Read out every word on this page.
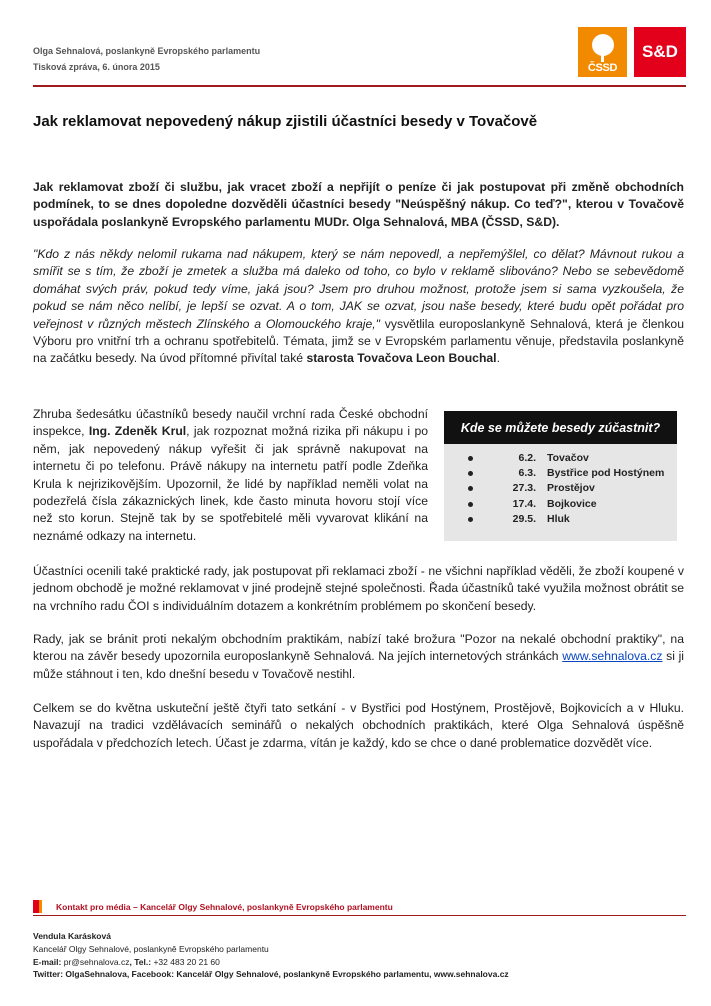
Olga Sehnalová, poslankyně Evropského parlamentu
Tisková zpráva, 6. února 2015	ČSSD
S&D
Jak reklamovat nepovedený nákup zjistili účastníci besedy v Tovačově

Jak reklamovat zboží či službu, jak vracet zboží a nepřijít o peníze či jak postupovat při změně obchodních podmínek, to se dnes dopoledne dozvěděli účastníci besedy "Neúspěšný nákup. Co teď?", kterou v Tovačově uspořádala poslankyně Evropského parlamentu MUDr. Olga Sehnalová, MBA (ČSSD, S&D).

"Kdo z nás někdy nelomil rukama nad nákupem, který se nám nepovedl, a nepřemýšlel, co dělat? Mávnout rukou a smířit se s tím, že zboží je zmetek a služba má daleko od toho, co bylo v reklamě slibováno? Nebo se sebevědomě domáhat svých práv, pokud tedy víme, jaká jsou? Jsem pro druhou možnost, protože jsem si sama vyzkoušela, že pokud se nám něco nelíbí, je lepší se ozvat. A o tom, JAK se ozvat, jsou naše besedy, které budu opět pořádat pro veřejnost v různých městech Zlínského a Olomouckého kraje," vysvětlila europoslankyně Sehnalová, která je členkou Výboru pro vnitřní trh a ochranu spotřebitelů. Témata, jimž se v Evropském parlamentu věnuje, představila poslankyně na začátku besedy. Na úvod přítomné přivítal také starosta Tovačova Leon Bouchal.

Zhruba šedesátku účastníků besedy naučil vrchní rada České obchodní inspekce, Ing. Zdeněk Krul, jak rozpoznat možná rizika při nákupu i po něm, jak nepovedený nákup vyřešit či jak správně nakupovat na internetu či po telefonu. Právě nákupy na internetu patří podle Zdeňka Krula k nejrizikovějším. Upozornil, že lidé by například neměli volat na podezřelá čísla zákaznických linek, kde často minuta hovoru stojí více než sto korun. Stejně tak by se spotřebitelé měli vyvarovat klikání na neznámé odkazy na internetu.

Kde se můžete besedy zúčastnit?
6.2. Tovačov
6.3. Bystřice pod Hostýnem
27.3. Prostějov
17.4. Bojkovice
29.5. Hluk

Účastníci ocenili také praktické rady, jak postupovat při reklamaci zboží - ne všichni například věděli, že zboží koupené v jednom obchodě je možné reklamovat v jiné prodejně stejné společnosti. Řada účastníků také využila možnost obrátit se na vrchního radu ČOI s individuálním dotazem a konkrétním problémem po skončení besedy.

Rady, jak se bránit proti nekalým obchodním praktikám, nabízí také brožura "Pozor na nekalé obchodní praktiky", na kterou na závěr besedy upozornila europoslankyně Sehnalová. Na jejích internetových stránkách www.sehnalova.cz si ji může stáhnout i ten, kdo dnešní besedu v Tovačově nestihl.

Celkem se do května uskuteční ještě čtyři tato setkání - v Bystřici pod Hostýnem, Prostějově, Bojkovicích a v Hluku. Navazují na tradici vzdělávacích seminářů o nekalých obchodních praktikách, které Olga Sehnalová úspěšně uspořádala v předchozích letech. Účast je zdarma, vítán je každý, kdo se chce o dané problematice dozvědět více.

Kontakt pro média – Kancelář Olgy Sehnalové, poslankyně Evropského parlamentu
Vendula Karásková
Kancelář Olgy Sehnalové, poslankyně Evropského parlamentu
E-mail: pr@sehnalova.cz, Tel.: +32 483 20 21 60
Twitter: OlgaSehnalova, Facebook: Kancelář Olgy Sehnalové, poslankyně Evropského parlamentu, www.sehnalova.cz
